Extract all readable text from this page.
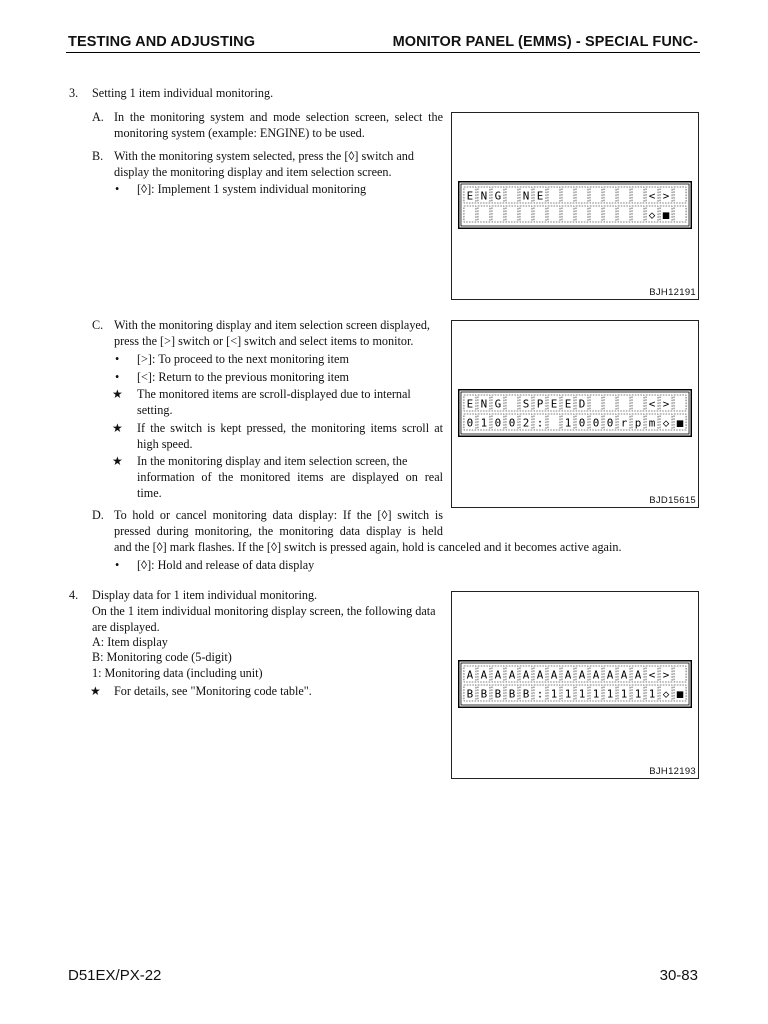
TESTING AND ADJUSTING	MONITOR PANEL (EMMS) - SPECIAL FUNC-
3. Setting 1 item individual monitoring.
A. In the monitoring system and mode selection screen, select the
monitoring system (example: ENGINE) to be used.
B. With the monitoring system selected, press the [◊] switch and
display the monitoring display and item selection screen.
• [◊]: Implement 1 system individual monitoring	E N G N E	< >
◇ ■
BJH12191
C. With the monitoring display and item selection screen displayed,
press the [>] switch or [<] switch and select items to monitor.
• [>]: To proceed to the next monitoring item
• [<]: Return to the previous monitoring item
★ The monitored items are scroll-displayed due to internal
setting.
★ If the switch is kept pressed, the monitoring items scroll at
high speed.
★ In the monitoring display and item selection screen, the
information of the monitored items are displayed on real
time.
E N G S P E E D	< >
0 1 0 0 2 : 1 0 0 0 r p m ◇ ■
BJD15615
D. To hold or cancel monitoring data display: If the [◊] switch is
pressed during monitoring, the monitoring data display is held
and the [◊] mark flashes. If the [◊] switch is pressed again, hold is canceled and it becomes active again.
• [◊]: Hold and release of data display
4. Display data for 1 item individual monitoring.
On the 1 item individual monitoring display screen, the following data
are displayed.
A: Item display
B: Monitoring code (5-digit)
1: Monitoring data (including unit)
★ For details, see "Monitoring code table".
A A A A A A A A A A A A A < >
B B B B B : 1 1 1 1 1 1 1 1 ◇ ■
BJH12193
D51EX/PX-22	30-83
